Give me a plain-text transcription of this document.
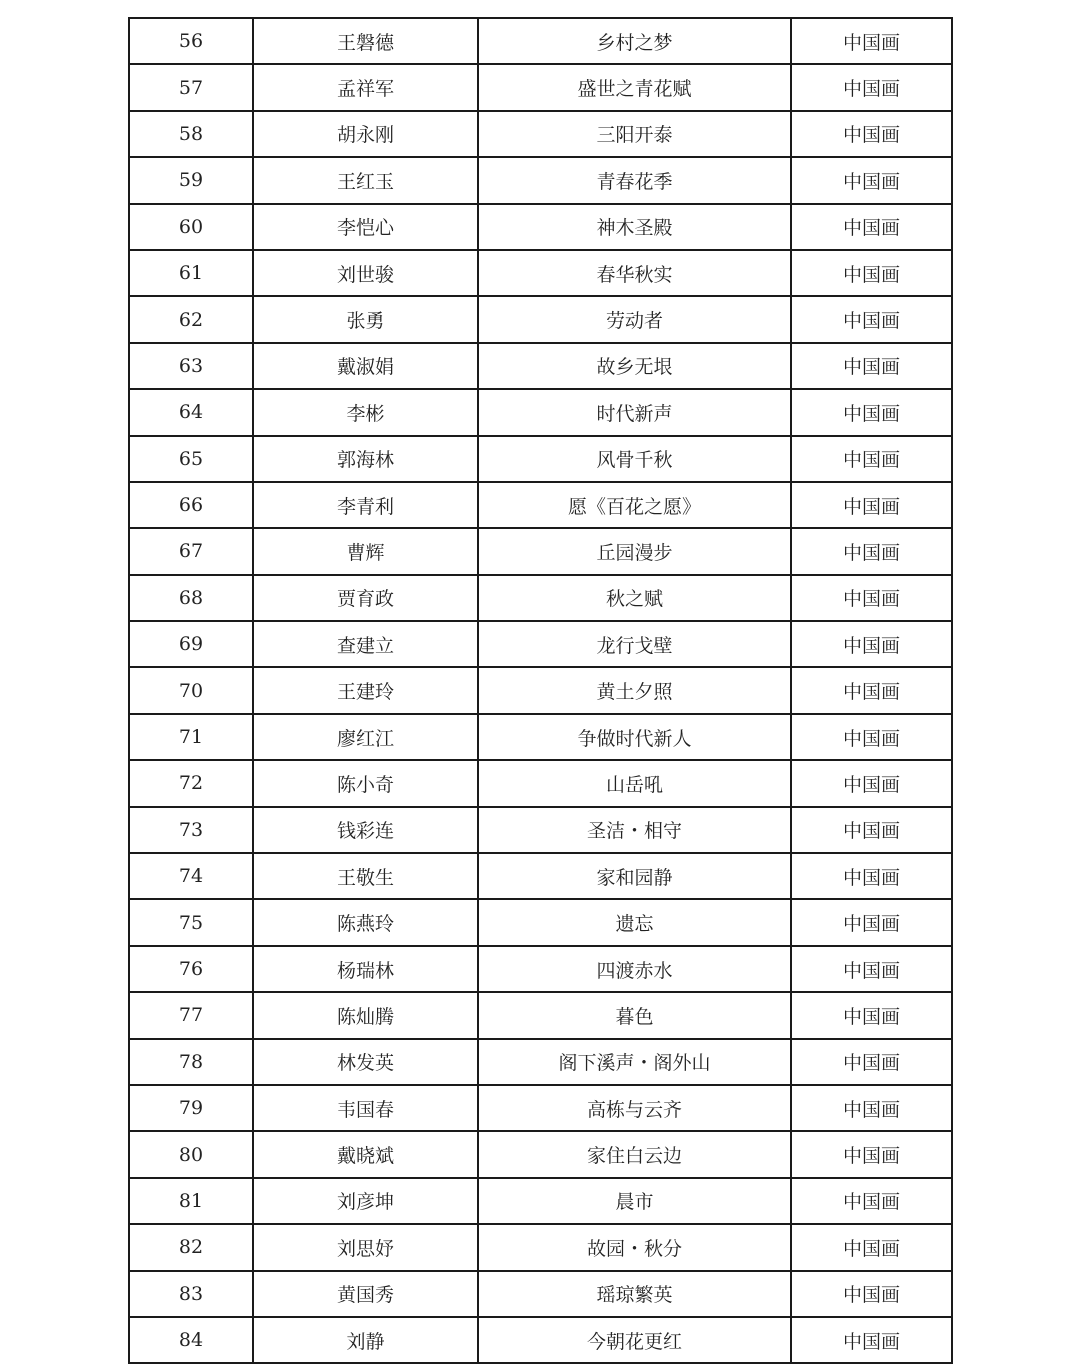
56	王磐德	乡村之梦	中国画
57	孟祥军	盛世之青花赋	中国画
58	胡永刚	三阳开泰	中国画
59	王红玉	青春花季	中国画
60	李恺心	神木圣殿	中国画
61	刘世骏	春华秋实	中国画
62	张勇	劳动者	中国画
63	戴淑娟	故乡无垠	中国画
64	李彬	时代新声	中国画
65	郭海林	风骨千秋	中国画
66	李青利	愿《百花之愿》	中国画
67	曹辉	丘园漫步	中国画
68	贾育政	秋之赋	中国画
69	查建立	龙行戈壁	中国画
70	王建玲	黄土夕照	中国画
71	廖红江	争做时代新人	中国画
72	陈小奇	山岳吼	中国画
73	钱彩连	圣洁・相守	中国画
74	王敬生	家和园静	中国画
75	陈燕玲	遗忘	中国画
76	杨瑞林	四渡赤水	中国画
77	陈灿腾	暮色	中国画
78	林发英	阁下溪声・阁外山	中国画
79	韦国春	高栋与云齐	中国画
80	戴晓斌	家住白云边	中国画
81	刘彦坤	晨市	中国画
82	刘思妤	故园・秋分	中国画
83	黄国秀	瑶琼繁英	中国画
84	刘静	今朝花更红	中国画
